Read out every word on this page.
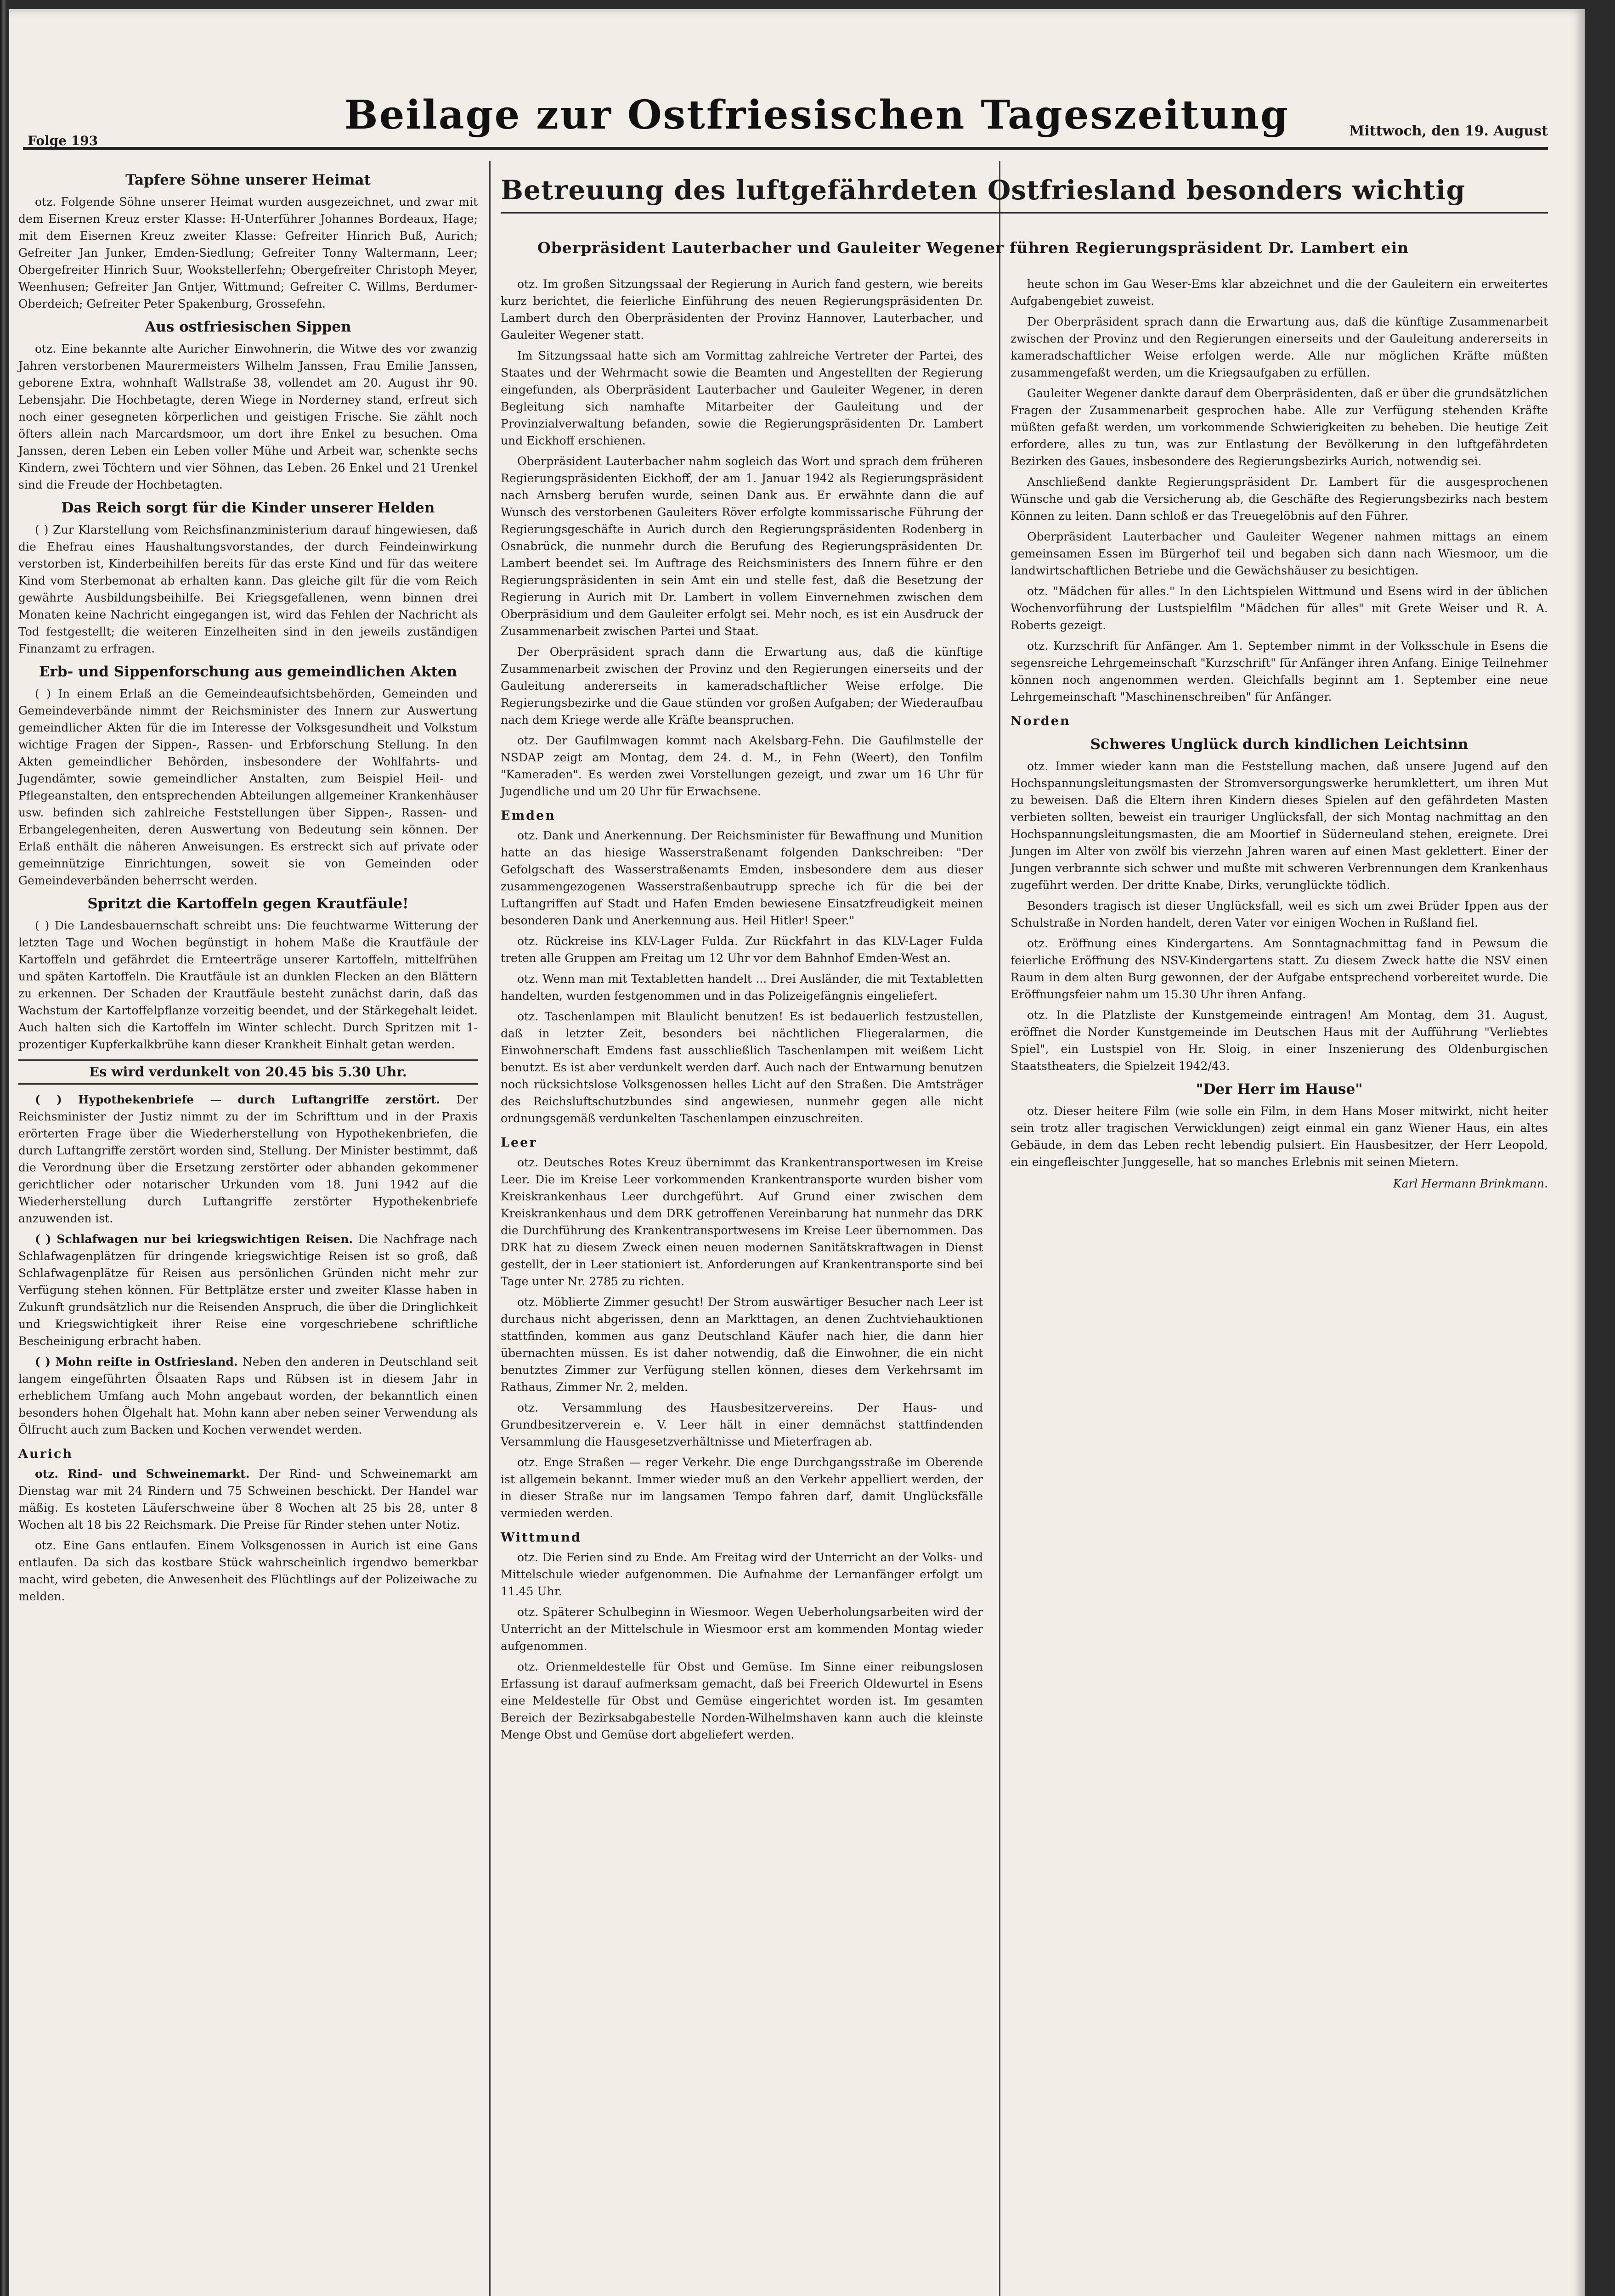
Folge 193
Beilage zur Ostfriesischen Tageszeitung	Mittwoch, den 19. August
Betreuung des luftgefährdeten Ostfriesland besonders wichtig
Oberpräsident Lauterbacher und Gauleiter Wegener führen Regierungspräsident Dr. Lambert ein
Tapfere Söhne unserer Heimat

otz. Folgende Söhne unserer Heimat wurden ausgezeichnet, und zwar mit dem Eisernen Kreuz erster Klasse: H-Unterführer Johannes Bordeaux, Hage; mit dem Eisernen Kreuz zweiter Klasse: Gefreiter Hinrich Buß, Aurich; Gefreiter Jan Junker, Emden-Siedlung; Gefreiter Tonny Waltermann, Leer; Obergefreiter Hinrich Suur, Wookstellerfehn; Obergefreiter Christoph Meyer, Weenhusen; Gefreiter Jan Gntjer, Wittmund; Gefreiter C. Willms, Berdumer-Oberdeich; Gefreiter Peter Spakenburg, Grossefehn.

Aus ostfriesischen Sippen

otz. Eine bekannte alte Auricher Einwohnerin, die Witwe des vor zwanzig Jahren verstorbenen Maurermeisters Wilhelm Janssen, Frau Emilie Janssen, geborene Extra, wohnhaft Wallstraße 38, vollendet am 20. August ihr 90. Lebensjahr. Die Hochbetagte, deren Wiege in Norderney stand, erfreut sich noch einer gesegneten körperlichen und geistigen Frische. Sie zählt noch öfters allein nach Marcardsmoor, um dort ihre Enkel zu besuchen. Oma Janssen, deren Leben ein Leben voller Mühe und Arbeit war, schenkte sechs Kindern, zwei Töchtern und vier Söhnen, das Leben. 26 Enkel und 21 Urenkel sind die Freude der Hochbetagten.

Das Reich sorgt für die Kinder unserer Helden

( ) Zur Klarstellung vom Reichsfinanzministerium darauf hingewiesen, daß die Ehefrau eines Haushaltungsvorstandes, der durch Feindeinwirkung verstorben ist, Kinderbeihilfen bereits für das erste Kind und für das weitere Kind vom Sterbemonat ab erhalten kann. Das gleiche gilt für die vom Reich gewährte Ausbildungsbeihilfe. Bei Kriegsgefallenen, wenn binnen drei Monaten keine Nachricht eingegangen ist, wird das Fehlen der Nachricht als Tod festgestellt; die weiteren Einzelheiten sind in den jeweils zuständigen Finanzamt zu erfragen.

Erb- und Sippenforschung aus gemeindlichen Akten

( ) In einem Erlaß an die Gemeindeaufsichtsbehörden, Gemeinden und Gemeindeverbände nimmt der Reichsminister des Innern zur Auswertung gemeindlicher Akten für die im Interesse der Volksgesundheit und Volkstum wichtige Fragen der Sippen-, Rassen- und Erbforschung Stellung. In den Akten gemeindlicher Behörden, insbesondere der Wohlfahrts- und Jugendämter, sowie gemeindlicher Anstalten, zum Beispiel Heil- und Pflegeanstalten, den entsprechenden Abteilungen allgemeiner Krankenhäuser usw. befinden sich zahlreiche Feststellungen über Sippen-, Rassen- und Erbangelegenheiten, deren Auswertung von Bedeutung sein können. Der Erlaß enthält die näheren Anweisungen. Es erstreckt sich auf private oder gemeinnützige Einrichtungen, soweit sie von Gemeinden oder Gemeindeverbänden beherrscht werden.

Spritzt die Kartoffeln gegen Krautfäule!

( ) Die Landesbauernschaft schreibt uns: Die feuchtwarme Witterung der letzten Tage und Wochen begünstigt in hohem Maße die Krautfäule der Kartoffeln und gefährdet die Ernteerträge unserer Kartoffeln, mittelfrühen und späten Kartoffeln. Die Krautfäule ist an dunklen Flecken an den Blättern zu erkennen. Der Schaden der Krautfäule besteht zunächst darin, daß das Wachstum der Kartoffelpflanze vorzeitig beendet, und der Stärkegehalt leidet. Auch halten sich die Kartoffeln im Winter schlecht. Durch Spritzen mit 1-prozentiger Kupferkalkbrühe kann dieser Krankheit Einhalt getan werden.

Es wird verdunkelt von 20.45 bis 5.30 Uhr.

( ) Hypothekenbriefe — durch Luftangriffe zerstört. Der Reichsminister der Justiz nimmt zu der im Schrifttum und in der Praxis erörterten Frage über die Wiederherstellung von Hypothekenbriefen, die durch Luftangriffe zerstört worden sind, Stellung. Der Minister bestimmt, daß die Verordnung über die Ersetzung zerstörter oder abhanden gekommener gerichtlicher oder notarischer Urkunden vom 18. Juni 1942 auf die Wiederherstellung durch Luftangriffe zerstörter Hypothekenbriefe anzuwenden ist.

( ) Schlafwagen nur bei kriegswichtigen Reisen. Die Nachfrage nach Schlafwagenplätzen für dringende kriegswichtige Reisen ist so groß, daß Schlafwagenplätze für Reisen aus persönlichen Gründen nicht mehr zur Verfügung stehen können. Für Bettplätze erster und zweiter Klasse haben in Zukunft grundsätzlich nur die Reisenden Anspruch, die über die Dringlichkeit und Kriegswichtigkeit ihrer Reise eine vorgeschriebene schriftliche Bescheinigung erbracht haben.

( ) Mohn reifte in Ostfriesland. Neben den anderen in Deutschland seit langem eingeführten Ölsaaten Raps und Rübsen ist in diesem Jahr in erheblichem Umfang auch Mohn angebaut worden, der bekanntlich einen besonders hohen Ölgehalt hat. Mohn kann aber neben seiner Verwendung als Ölfrucht auch zum Backen und Kochen verwendet werden.

Aurich

otz. Rind- und Schweinemarkt. Der Rind- und Schweinemarkt am Dienstag war mit 24 Rindern und 75 Schweinen beschickt. Der Handel war mäßig. Es kosteten Läuferschweine über 8 Wochen alt 25 bis 28, unter 8 Wochen alt 18 bis 22 Reichsmark. Die Preise für Rinder stehen unter Notiz.

otz. Eine Gans entlaufen. Einem Volksgenossen in Aurich ist eine Gans entlaufen. Da sich das kostbare Stück wahrscheinlich irgendwo bemerkbar macht, wird gebeten, die Anwesenheit des Flüchtlings auf der Polizeiwache zu melden.

otz. Im großen Sitzungssaal der Regierung in Aurich fand gestern, wie bereits kurz berichtet, die feierliche Einführung des neuen Regierungspräsidenten Dr. Lambert durch den Oberpräsidenten der Provinz Hannover, Lauterbacher, und Gauleiter Wegener statt.

Im Sitzungssaal hatte sich am Vormittag zahlreiche Vertreter der Partei, des Staates und der Wehrmacht sowie die Beamten und Angestellten der Regierung eingefunden, als Oberpräsident Lauterbacher und Gauleiter Wegener, in deren Begleitung sich namhafte Mitarbeiter der Gauleitung und der Provinzialverwaltung befanden, sowie die Regierungspräsidenten Dr. Lambert und Eickhoff erschienen.

Oberpräsident Lauterbacher nahm sogleich das Wort und sprach dem früheren Regierungspräsidenten Eickhoff, der am 1. Januar 1942 als Regierungspräsident nach Arnsberg berufen wurde, seinen Dank aus. Er erwähnte dann die auf Wunsch des verstorbenen Gauleiters Röver erfolgte kommissarische Führung der Regierungsgeschäfte in Aurich durch den Regierungspräsidenten Rodenberg in Osnabrück, die nunmehr durch die Berufung des Regierungspräsidenten Dr. Lambert beendet sei. Im Auftrage des Reichsministers des Innern führe er den Regierungspräsidenten in sein Amt ein und stelle fest, daß die Besetzung der Regierung in Aurich mit Dr. Lambert in vollem Einvernehmen zwischen dem Oberpräsidium und dem Gauleiter erfolgt sei. Mehr noch, es ist ein Ausdruck der Zusammenarbeit zwischen Partei und Staat.

Der Oberpräsident sprach dann die Erwartung aus, daß die künftige Zusammenarbeit zwischen der Provinz und den Regierungen einerseits und der Gauleitung andererseits in kameradschaftlicher Weise erfolge. Die Regierungsbezirke und die Gaue stünden vor großen Aufgaben; der Wiederaufbau nach dem Kriege werde alle Kräfte beanspruchen.

otz. Der Gaufilmwagen kommt nach Akelsbarg-Fehn. Die Gaufilmstelle der NSDAP zeigt am Montag, dem 24. d. M., in Fehn (Weert), den Tonfilm "Kameraden". Es werden zwei Vorstellungen gezeigt, und zwar um 16 Uhr für Jugendliche und um 20 Uhr für Erwachsene.

Emden

otz. Dank und Anerkennung. Der Reichsminister für Bewaffnung und Munition hatte an das hiesige Wasserstraßenamt folgenden Dankschreiben: "Der Gefolgschaft des Wasserstraßenamts Emden, insbesondere dem aus dieser zusammengezogenen Wasserstraßenbautrupp spreche ich für die bei der Luftangriffen auf Stadt und Hafen Emden bewiesene Einsatzfreudigkeit meinen besonderen Dank und Anerkennung aus. Heil Hitler! Speer."

otz. Rückreise ins KLV-Lager Fulda. Zur Rückfahrt in das KLV-Lager Fulda treten alle Gruppen am Freitag um 12 Uhr vor dem Bahnhof Emden-West an.

otz. Wenn man mit Textabletten handelt ... Drei Ausländer, die mit Textabletten handelten, wurden festgenommen und in das Polizeigefängnis eingeliefert.

otz. Taschenlampen mit Blaulicht benutzen! Es ist bedauerlich festzustellen, daß in letzter Zeit, besonders bei nächtlichen Fliegeralarmen, die Einwohnerschaft Emdens fast ausschließlich Taschenlampen mit weißem Licht benutzt. Es ist aber verdunkelt werden darf. Auch nach der Entwarnung benutzen noch rücksichtslose Volksgenossen helles Licht auf den Straßen. Die Amtsträger des Reichsluftschutzbundes sind angewiesen, nunmehr gegen alle nicht ordnungsgemäß verdunkelten Taschenlampen einzuschreiten.

Leer

otz. Deutsches Rotes Kreuz übernimmt das Krankentransportwesen im Kreise Leer. Die im Kreise Leer vorkommenden Krankentransporte wurden bisher vom Kreiskrankenhaus Leer durchgeführt. Auf Grund einer zwischen dem Kreiskrankenhaus und dem DRK getroffenen Vereinbarung hat nunmehr das DRK die Durchführung des Krankentransportwesens im Kreise Leer übernommen. Das DRK hat zu diesem Zweck einen neuen modernen Sanitätskraftwagen in Dienst gestellt, der in Leer stationiert ist. Anforderungen auf Krankentransporte sind bei Tage unter Nr. 2785 zu richten.

otz. Möblierte Zimmer gesucht! Der Strom auswärtiger Besucher nach Leer ist durchaus nicht abgerissen, denn an Markttagen, an denen Zuchtviehauktionen stattfinden, kommen aus ganz Deutschland Käufer nach hier, die dann hier übernachten müssen. Es ist daher notwendig, daß die Einwohner, die ein nicht benutztes Zimmer zur Verfügung stellen können, dieses dem Verkehrsamt im Rathaus, Zimmer Nr. 2, melden.

otz. Versammlung des Hausbesitzervereins. Der Haus- und Grundbesitzerverein e. V. Leer hält in einer demnächst stattfindenden Versammlung die Hausgesetzverhältnisse und Mieterfragen ab.

otz. Enge Straßen — reger Verkehr. Die enge Durchgangsstraße im Oberende ist allgemein bekannt. Immer wieder muß an den Verkehr appelliert werden, der in dieser Straße nur im langsamen Tempo fahren darf, damit Unglücksfälle vermieden werden.

Wittmund

otz. Die Ferien sind zu Ende. Am Freitag wird der Unterricht an der Volks- und Mittelschule wieder aufgenommen. Die Aufnahme der Lernanfänger erfolgt um 11.45 Uhr.

otz. Späterer Schulbeginn in Wiesmoor. Wegen Ueberholungsarbeiten wird der Unterricht an der Mittelschule in Wiesmoor erst am kommenden Montag wieder aufgenommen.

otz. Orienmeldestelle für Obst und Gemüse. Im Sinne einer reibungslosen Erfassung ist darauf aufmerksam gemacht, daß bei Freerich Oldewurtel in Esens eine Meldestelle für Obst und Gemüse eingerichtet worden ist. Im gesamten Bereich der Bezirksabgabestelle Norden-Wilhelmshaven kann auch die kleinste Menge Obst und Gemüse dort abgeliefert werden.

heute schon im Gau Weser-Ems klar abzeichnet und die der Gauleitern ein erweitertes Aufgabengebiet zuweist.

Der Oberpräsident sprach dann die Erwartung aus, daß die künftige Zusammenarbeit zwischen der Provinz und den Regierungen einerseits und der Gauleitung andererseits in kameradschaftlicher Weise erfolgen werde. Alle nur möglichen Kräfte müßten zusammengefaßt werden, um die Kriegsaufgaben zu erfüllen.

Gauleiter Wegener dankte darauf dem Oberpräsidenten, daß er über die grundsätzlichen Fragen der Zusammenarbeit gesprochen habe. Alle zur Verfügung stehenden Kräfte müßten gefaßt werden, um vorkommende Schwierigkeiten zu beheben. Die heutige Zeit erfordere, alles zu tun, was zur Entlastung der Bevölkerung in den luftgefährdeten Bezirken des Gaues, insbesondere des Regierungsbezirks Aurich, notwendig sei.

Anschließend dankte Regierungspräsident Dr. Lambert für die ausgesprochenen Wünsche und gab die Versicherung ab, die Geschäfte des Regierungsbezirks nach bestem Können zu leiten. Dann schloß er das Treuegelöbnis auf den Führer.

Oberpräsident Lauterbacher und Gauleiter Wegener nahmen mittags an einem gemeinsamen Essen im Bürgerhof teil und begaben sich dann nach Wiesmoor, um die landwirtschaftlichen Betriebe und die Gewächshäuser zu besichtigen.

otz. "Mädchen für alles." In den Lichtspielen Wittmund und Esens wird in der üblichen Wochenvorführung der Lustspielfilm "Mädchen für alles" mit Grete Weiser und R. A. Roberts gezeigt.

otz. Kurzschrift für Anfänger. Am 1. September nimmt in der Volksschule in Esens die segensreiche Lehrgemeinschaft "Kurzschrift" für Anfänger ihren Anfang. Einige Teilnehmer können noch angenommen werden. Gleichfalls beginnt am 1. September eine neue Lehrgemeinschaft "Maschinenschreiben" für Anfänger.

Norden
Schweres Unglück durch kindlichen Leichtsinn

otz. Immer wieder kann man die Feststellung machen, daß unsere Jugend auf den Hochspannungsleitungsmasten der Stromversorgungswerke herumklettert, um ihren Mut zu beweisen. Daß die Eltern ihren Kindern dieses Spielen auf den gefährdeten Masten verbieten sollten, beweist ein trauriger Unglücksfall, der sich Montag nachmittag an den Hochspannungsleitungsmasten, die am Moortief in Süderneuland stehen, ereignete. Drei Jungen im Alter von zwölf bis vierzehn Jahren waren auf einen Mast geklettert. Einer der Jungen verbrannte sich schwer und mußte mit schweren Verbrennungen dem Krankenhaus zugeführt werden. Der dritte Knabe, Dirks, verunglückte tödlich.

Besonders tragisch ist dieser Unglücksfall, weil es sich um zwei Brüder Ippen aus der Schulstraße in Norden handelt, deren Vater vor einigen Wochen in Rußland fiel.

otz. Eröffnung eines Kindergartens. Am Sonntagnachmittag fand in Pewsum die feierliche Eröffnung des NSV-Kindergartens statt. Zu diesem Zweck hatte die NSV einen Raum in dem alten Burg gewonnen, der der Aufgabe entsprechend vorbereitet wurde. Die Eröffnungsfeier nahm um 15.30 Uhr ihren Anfang.

otz. In die Platzliste der Kunstgemeinde eintragen! Am Montag, dem 31. August, eröffnet die Norder Kunstgemeinde im Deutschen Haus mit der Aufführung "Verliebtes Spiel", ein Lustspiel von Hr. Sloig, in einer Inszenierung des Oldenburgischen Staatstheaters, die Spielzeit 1942/43.

"Der Herr im Hause"

otz. Dieser heitere Film (wie solle ein Film, in dem Hans Moser mitwirkt, nicht heiter sein trotz aller tragischen Verwicklungen) zeigt einmal ein ganz Wiener Haus, ein altes Gebäude, in dem das Leben recht lebendig pulsiert. Ein Hausbesitzer, der Herr Leopold, ein eingefleischter Junggeselle, hat so manches Erlebnis mit seinen Mietern.

Karl Hermann Brinkmann.
